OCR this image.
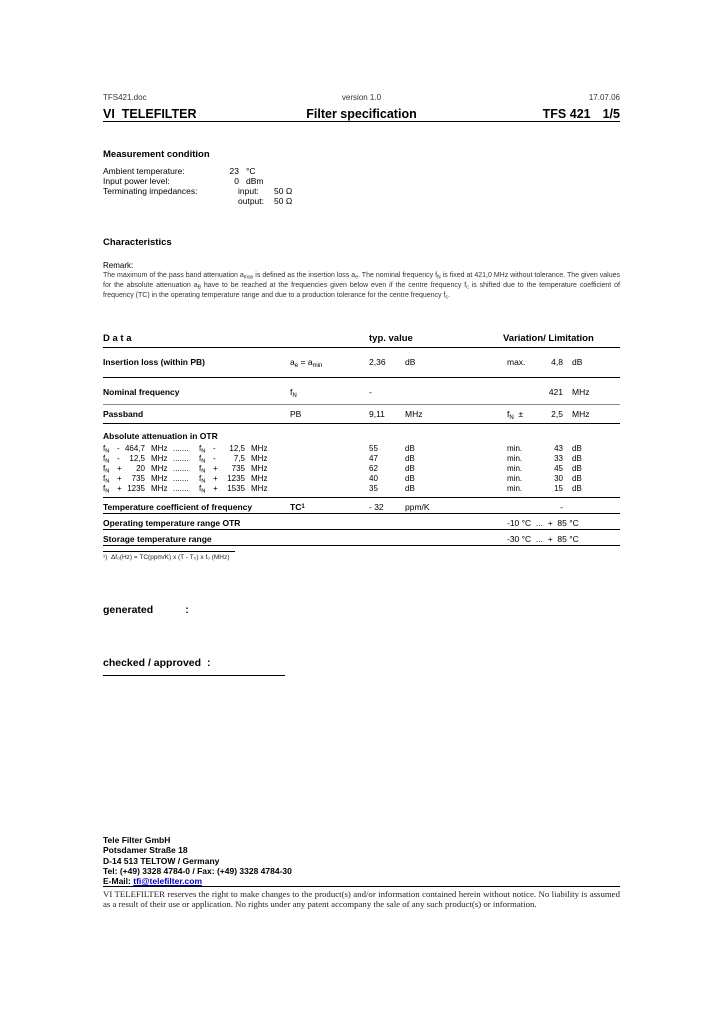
TFS421.doc	version 1.0	17.07.06
VI  TELEFILTER	Filter specification	TFS 421 1/5
Measurement condition
Ambient temperature:	23 °C
Input power level:	0 dBm
Terminating impedances:	input:	50 Ω
output:	50 Ω
Characteristics
Remark:

The maximum of the pass band attenuation $a_{max}$ is defined as the insertion loss $a_e$. The nominal frequency $f_N$ is fixed at 421,0 MHz without tolerance. The given values for the absolute attenuation $a_B$ have to be reached at the frequencies given below even if the centre frequency $f_c$ is shifted due to the temperature coefficient of frequency (TC) in the operating temperature range and due to a production tolerance for the centre frequency $f_c$.

D a t a	typ. value	Variation/ Limitation
Insertion loss (within PB)	$a_e = a_{min}$	2,36 dB	max.	4,8 dB
Nominal frequency	$f_N$	-	421 MHz
Passband	PB	9,11 MHz	$f_N$ ±	2,5 MHz
Absolute attenuation in OTR
$f_N - 464,7$ MHz ....... $f_N$ -	12,5 MHz	55	dB	min.	43 dB
$f_N$ -	12,5 MHz ....... $f_N$ -	7,5 MHz	47	dB	min.	33 dB
$f_N$ +	20 MHz ....... $f_N$ +	735 MHz	62	dB	min.	45 dB
$f_N$ +	735 MHz ....... $f_N$ +	1235 MHz	40	dB	min.	30 dB
$f_N + 1235$ MHz ....... $f_N$ +	1535 MHz	35	dB	min.	15 dB
Temperature coefficient of frequency	$TC^1$	- 32	ppm/K	-
Operating temperature range OTR	-10 °C  ...  +  85 °C
Storage temperature range	-30 °C  ...  +  85 °C
¹) Δf₀(Hz) = TC(ppm/K) x (T - T₀) x f₀ (MHz)
generated	:
checked / approved :
Tele Filter GmbH
Potsdamer Straße 18
D-14 513 TELTOW / Germany
Tel: (+49) 3328 4784-0 / Fax: (+49) 3328 4784-30
E-Mail: tfi@telefilter.com

VI TELEFILTER reserves the right to make changes to the product(s) and/or information contained herein without notice. No liability is assumed as a result of their use or application. No rights under any patent accompany the sale of any such product(s) or information.
